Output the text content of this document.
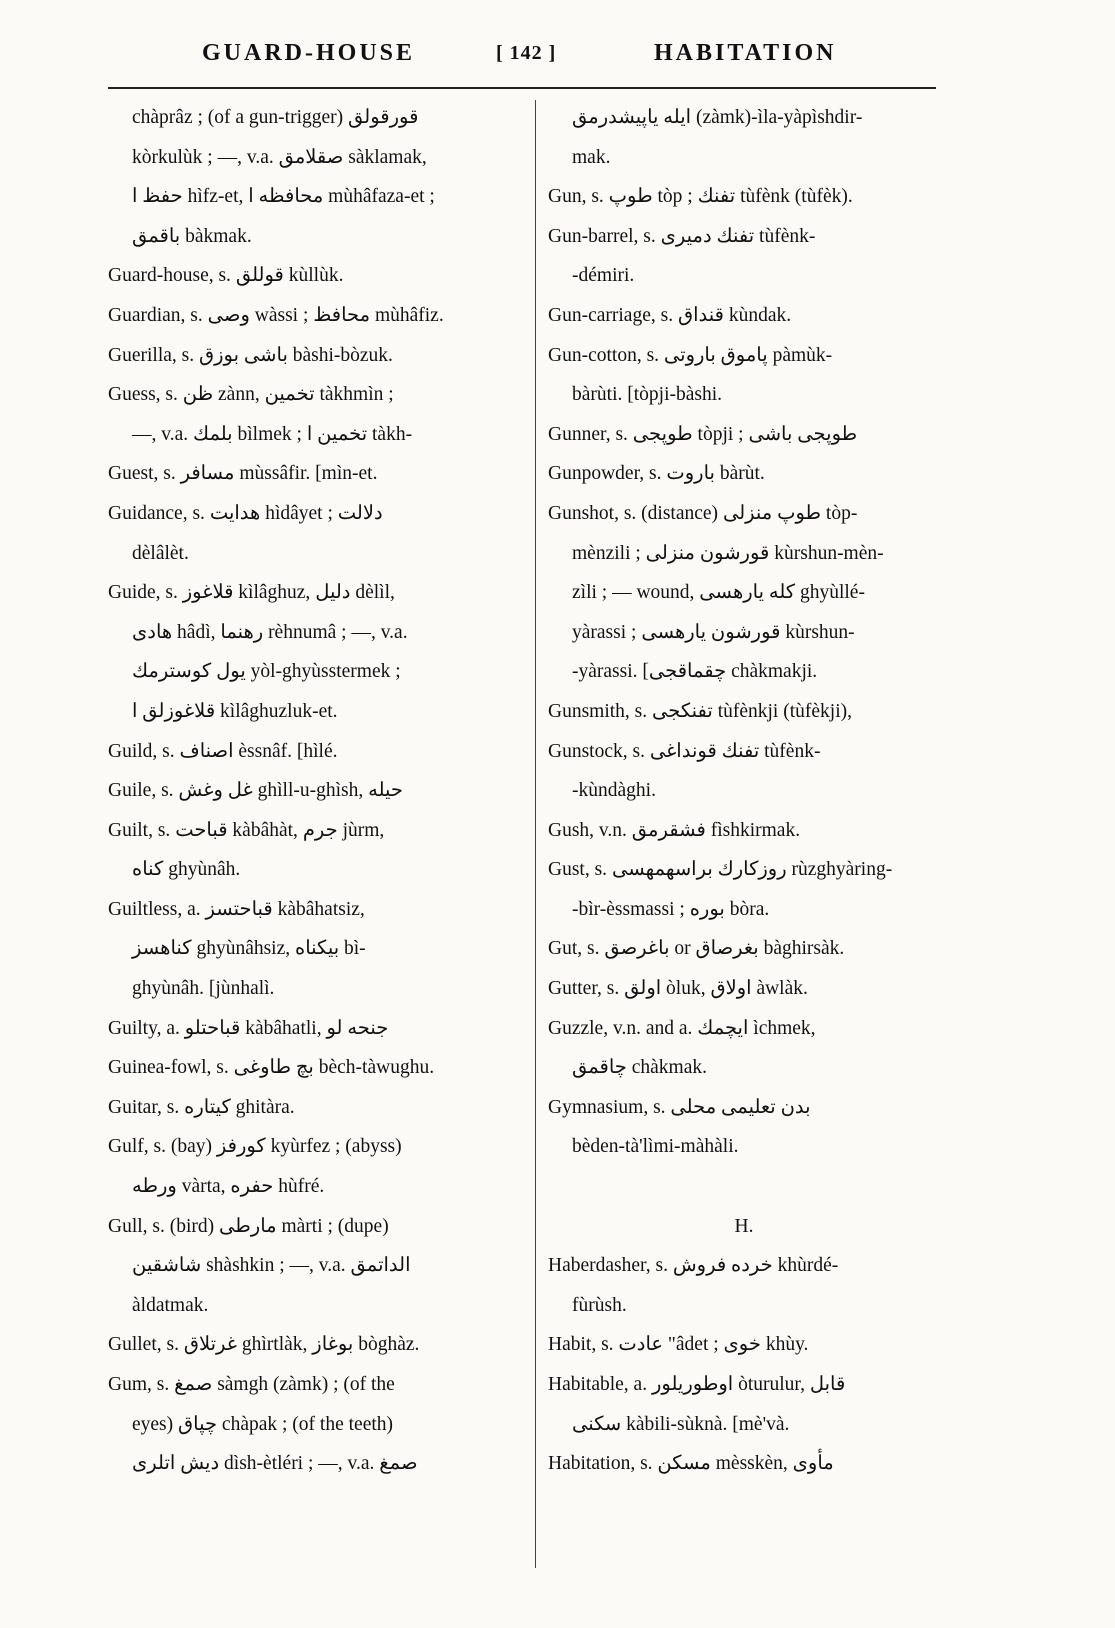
GUARD-HOUSE	[ 142 ]	HABITATION
chàprâz ; (of a gun-trigger) قورقولق
kòrkulùk ; —, v.a. صقلامق sàklamak,
حفظ ا hìfz-et, محافظه ا mùhâfaza-et ;
باقمق bàkmak.
Guard-house, s. قوللق kùllùk.
Guardian, s. وصى wàssi ; محافظ mùhâfiz.
Guerilla, s. باشى بوزق bàshi-bòzuk.
Guess, s. ظن zànn, تخمين tàkhmìn ;
—, v.a. بلمك bìlmek ; تخمين ا tàkh-
Guest, s. مسافر mùssâfir. [mìn-et.
Guidance, s. هدايت hìdâyet ; دلالت
dèlâlèt.
Guide, s. قلاغوز kìlâghuz, دليل dèlìl,
هادى hâdì, رهنما rèhnumâ ; —, v.a.
يول كوسترمك yòl-ghyùsstermek ;
قلاغوزلق ا kìlâghuzluk-et.
Guild, s. اصناف èssnâf. [hìlé.
Guile, s. غل وغش ghìll-u-ghìsh, حيله
Guilt, s. قباحت kàbâhàt, جرم jùrm,
كناه ghyùnâh.
Guiltless, a. قباحتسز kàbâhatsiz,
كناهسز ghyùnâhsiz, بيكناه bì-
ghyùnâh. [jùnhalì.
Guilty, a. قباحتلو kàbâhatli, جنحه لو
Guinea-fowl, s. بچ طاوغى bèch-tàwughu.
Guitar, s. كيتاره ghitàra.
Gulf, s. (bay) كورفز kyùrfez ; (abyss)
ورطه vàrta, حفره hùfré.
Gull, s. (bird) مارطى màrti ; (dupe)
شاشقين shàshkin ; —, v.a. الداتمق
àldatmak.
Gullet, s. غرتلاق ghìrtlàk, بوغاز bòghàz.
Gum, s. صمغ sàmgh (zàmk) ; (of the
eyes) چپاق chàpak ; (of the teeth)
ديش اتلرى dìsh-ètléri ; —, v.a. صمغ
ايله ياپيشدرمق (zàmk)-ìla-yàpìshdir-
mak.
Gun, s. طوپ tòp ; تفنك tùfènk (tùfèk).
Gun-barrel, s. تفنك دميرى tùfènk-
-démiri.
Gun-carriage, s. قنداق kùndak.
Gun-cotton, s. پاموق باروتى pàmùk-
bàrùti. [tòpji-bàshi.
Gunner, s. طوپجى tòpji ; طوپجى باشى
Gunpowder, s. باروت bàrùt.
Gunshot, s. (distance) طوپ منزلى tòp-
mènzili ; قورشون منزلى kùrshun-mèn-
zìli ; — wound, كله يارهسى ghyùllé-
yàrassi ; قورشون يارهسى kùrshun-
-yàrassi. [چقماقجى chàkmakji.
Gunsmith, s. تفنكجى tùfènkji (tùfèkji),
Gunstock, s. تفنك قونداغى tùfènk-
-kùndàghi.
Gush, v.n. فشقرمق fìshkirmak.
Gust, s. روزكارك براسهمهسى rùzghyàring-
-bìr-èssmassi ; بوره bòra.
Gut, s. باغرصق or بغرصاق bàghirsàk.
Gutter, s. اولق òluk, اولاق àwlàk.
Guzzle, v.n. and a. ايچمك ìchmek,
چاقمق chàkmak.
Gymnasium, s. بدن تعليمى محلى
bèden-tà'lìmi-màhàli.
H.
Haberdasher, s. خرده فروش khùrdé-
fùrùsh.
Habit, s. عادت "âdet ; خوى khùy.
Habitable, a. اوطوريلور òturulur, قابل
سكنى kàbili-sùknà. [mè'và.
Habitation, s. مسكن mèsskèn, مأوى
